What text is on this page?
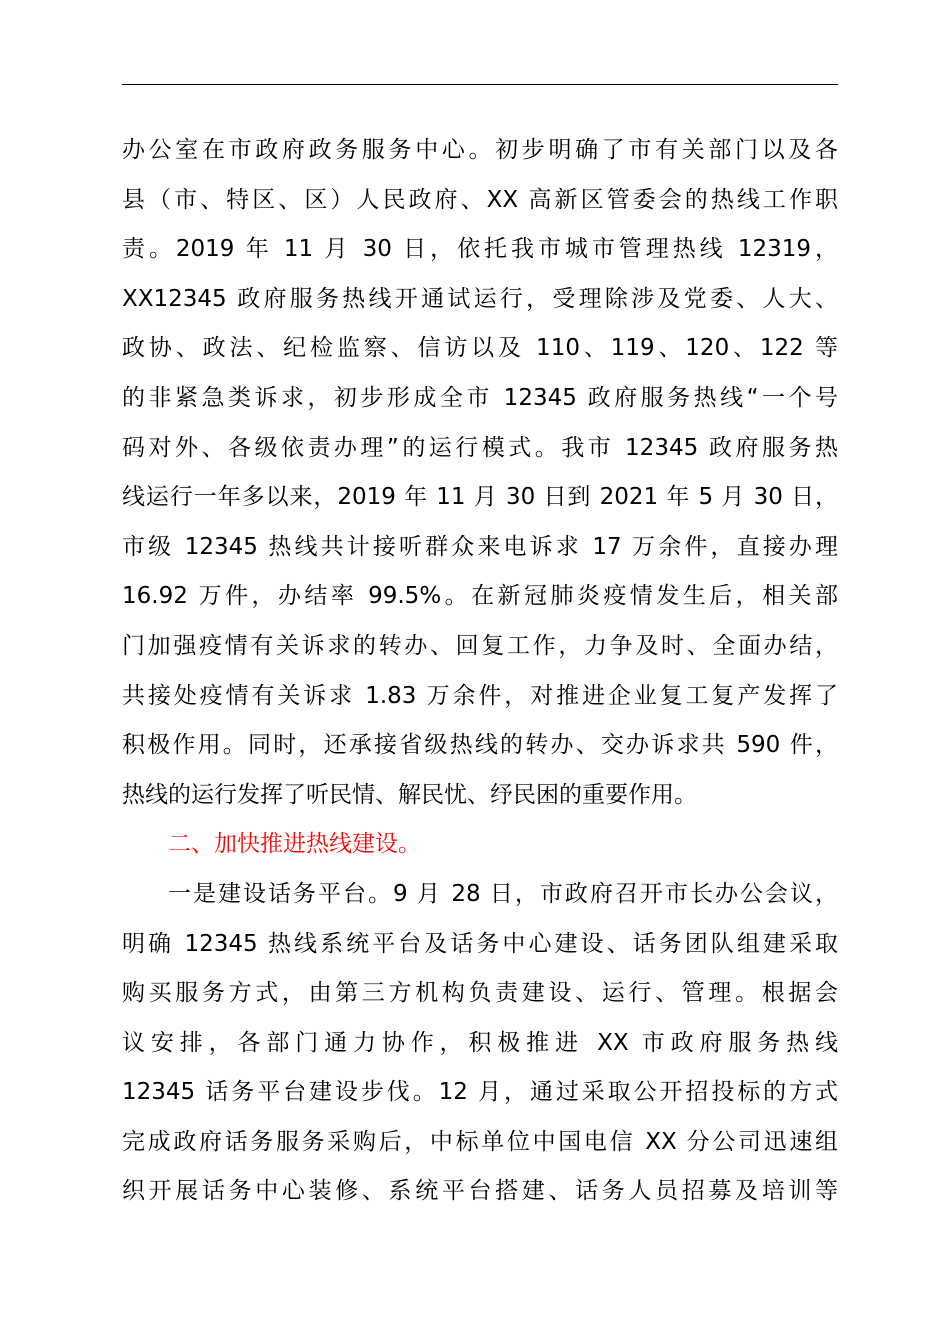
办公室在市政府政务服务中心。初步明确了市有关部门以及各
县（市、特区、区）人民政府、XX 高新区管委会的热线工作职
责。2019 年 11 月 30 日，依托我市城市管理热线 12319，
XX12345 政府服务热线开通试运行，受理除涉及党委、人大、
政协、政法、纪检监察、信访以及 110、119、120、122 等
的非紧急类诉求，初步形成全市 12345 政府服务热线“一个号
码对外、各级依责办理”的运行模式。我市 12345 政府服务热
线运行一年多以来，2019 年 11 月 30 日到 2021 年 5 月 30 日，
市级 12345 热线共计接听群众来电诉求 17 万余件，直接办理
16.92 万件，办结率 99.5%。在新冠肺炎疫情发生后，相关部
门加强疫情有关诉求的转办、回复工作，力争及时、全面办结，
共接处疫情有关诉求 1.83 万余件，对推进企业复工复产发挥了
积极作用。同时，还承接省级热线的转办、交办诉求共 590 件，
热线的运行发挥了听民情、解民忧、纾民困的重要作用。
二、加快推进热线建设。
一是建设话务平台。9 月 28 日，市政府召开市长办公会议，
明确 12345 热线系统平台及话务中心建设、话务团队组建采取
购买服务方式，由第三方机构负责建设、运行、管理。根据会
议安排，各部门通力协作，积极推进 XX 市政府服务热线
12345 话务平台建设步伐。12 月，通过采取公开招投标的方式
完成政府话务服务采购后，中标单位中国电信 XX 分公司迅速组
织开展话务中心装修、系统平台搭建、话务人员招募及培训等
